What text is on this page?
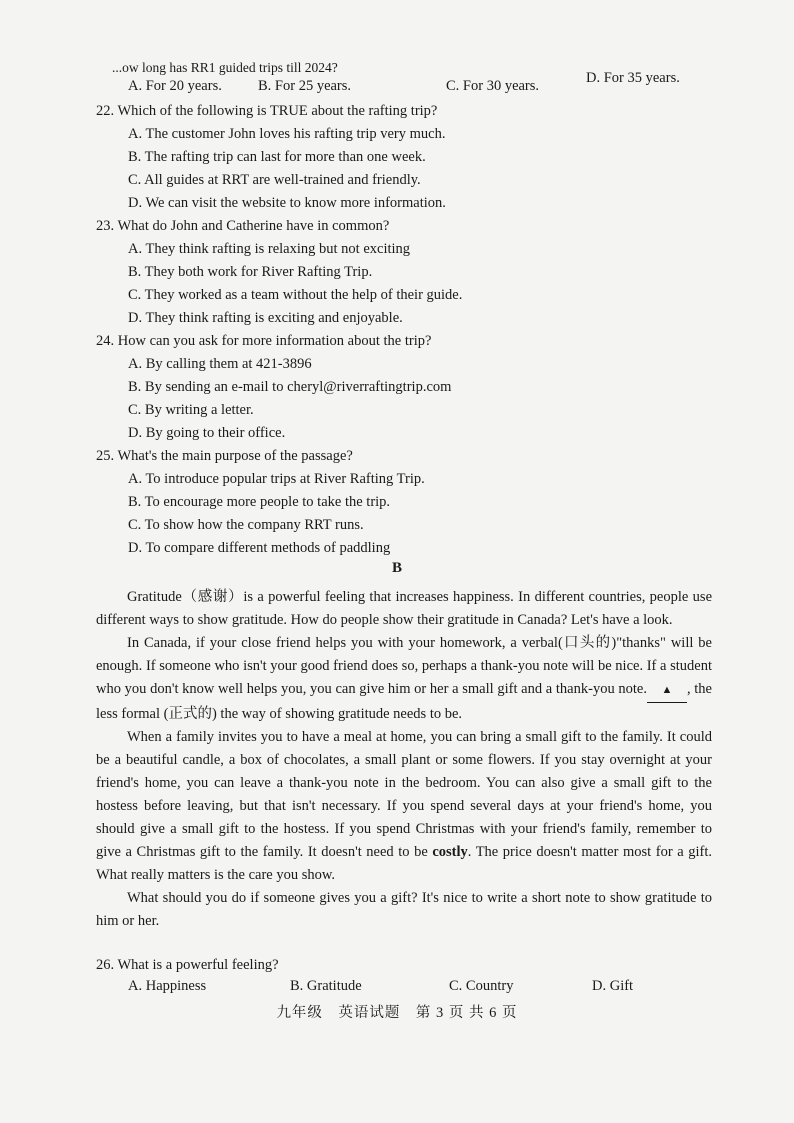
...ow long has RR1 guided trips till 2024?
A. For 20 years. B. For 25 years.	C. For 30 years.	D. For 35 years.
22. Which of the following is TRUE about the rafting trip?
A. The customer John loves his rafting trip very much.
B. The rafting trip can last for more than one week.
C. All guides at RRT are well-trained and friendly.
D. We can visit the website to know more information.
23. What do John and Catherine have in common?
A. They think rafting is relaxing but not exciting
B. They both work for River Rafting Trip.
C. They worked as a team without the help of their guide.
D. They think rafting is exciting and enjoyable.
24. How can you ask for more information about the trip?
A. By calling them at 421-3896
B. By sending an e-mail to cheryl@riverraftingtrip.com
C. By writing a letter.
D. By going to their office.
25. What's the main purpose of the passage?
A. To introduce popular trips at River Rafting Trip.
B. To encourage more people to take the trip.
C. To show how the company RRT runs.
D. To compare different methods of paddling
B

Gratitude（感谢）is a powerful feeling that increases happiness. In different countries, people use different ways to show gratitude. How do people show their gratitude in Canada? Let's have a look.

In Canada, if your close friend helps you with your homework, a verbal(口头的)"thanks" will be enough. If someone who isn't your good friend does so, perhaps a thank-you note will be nice. If a student who you don't know well helps you, you can give him or her a small gift and a thank-you note. ▲ , the less formal (正式的) the way of showing gratitude needs to be.

When a family invites you to have a meal at home, you can bring a small gift to the family. It could be a beautiful candle, a box of chocolates, a small plant or some flowers. If you stay overnight at your friend's home, you can leave a thank-you note in the bedroom. You can also give a small gift to the hostess before leaving, but that isn't necessary. If you spend several days at your friend's home, you should give a small gift to the hostess. If you spend Christmas with your friend's family, remember to give a Christmas gift to the family. It doesn't need to be costly. The price doesn't matter most for a gift. What really matters is the care you show.

What should you do if someone gives you a gift? It's nice to write a short note to show gratitude to him or her.

26. What is a powerful feeling?
A. Happiness	B. Gratitude	C. Country	D. Gift
九年级　英语试题　第 3 页 共 6 页
